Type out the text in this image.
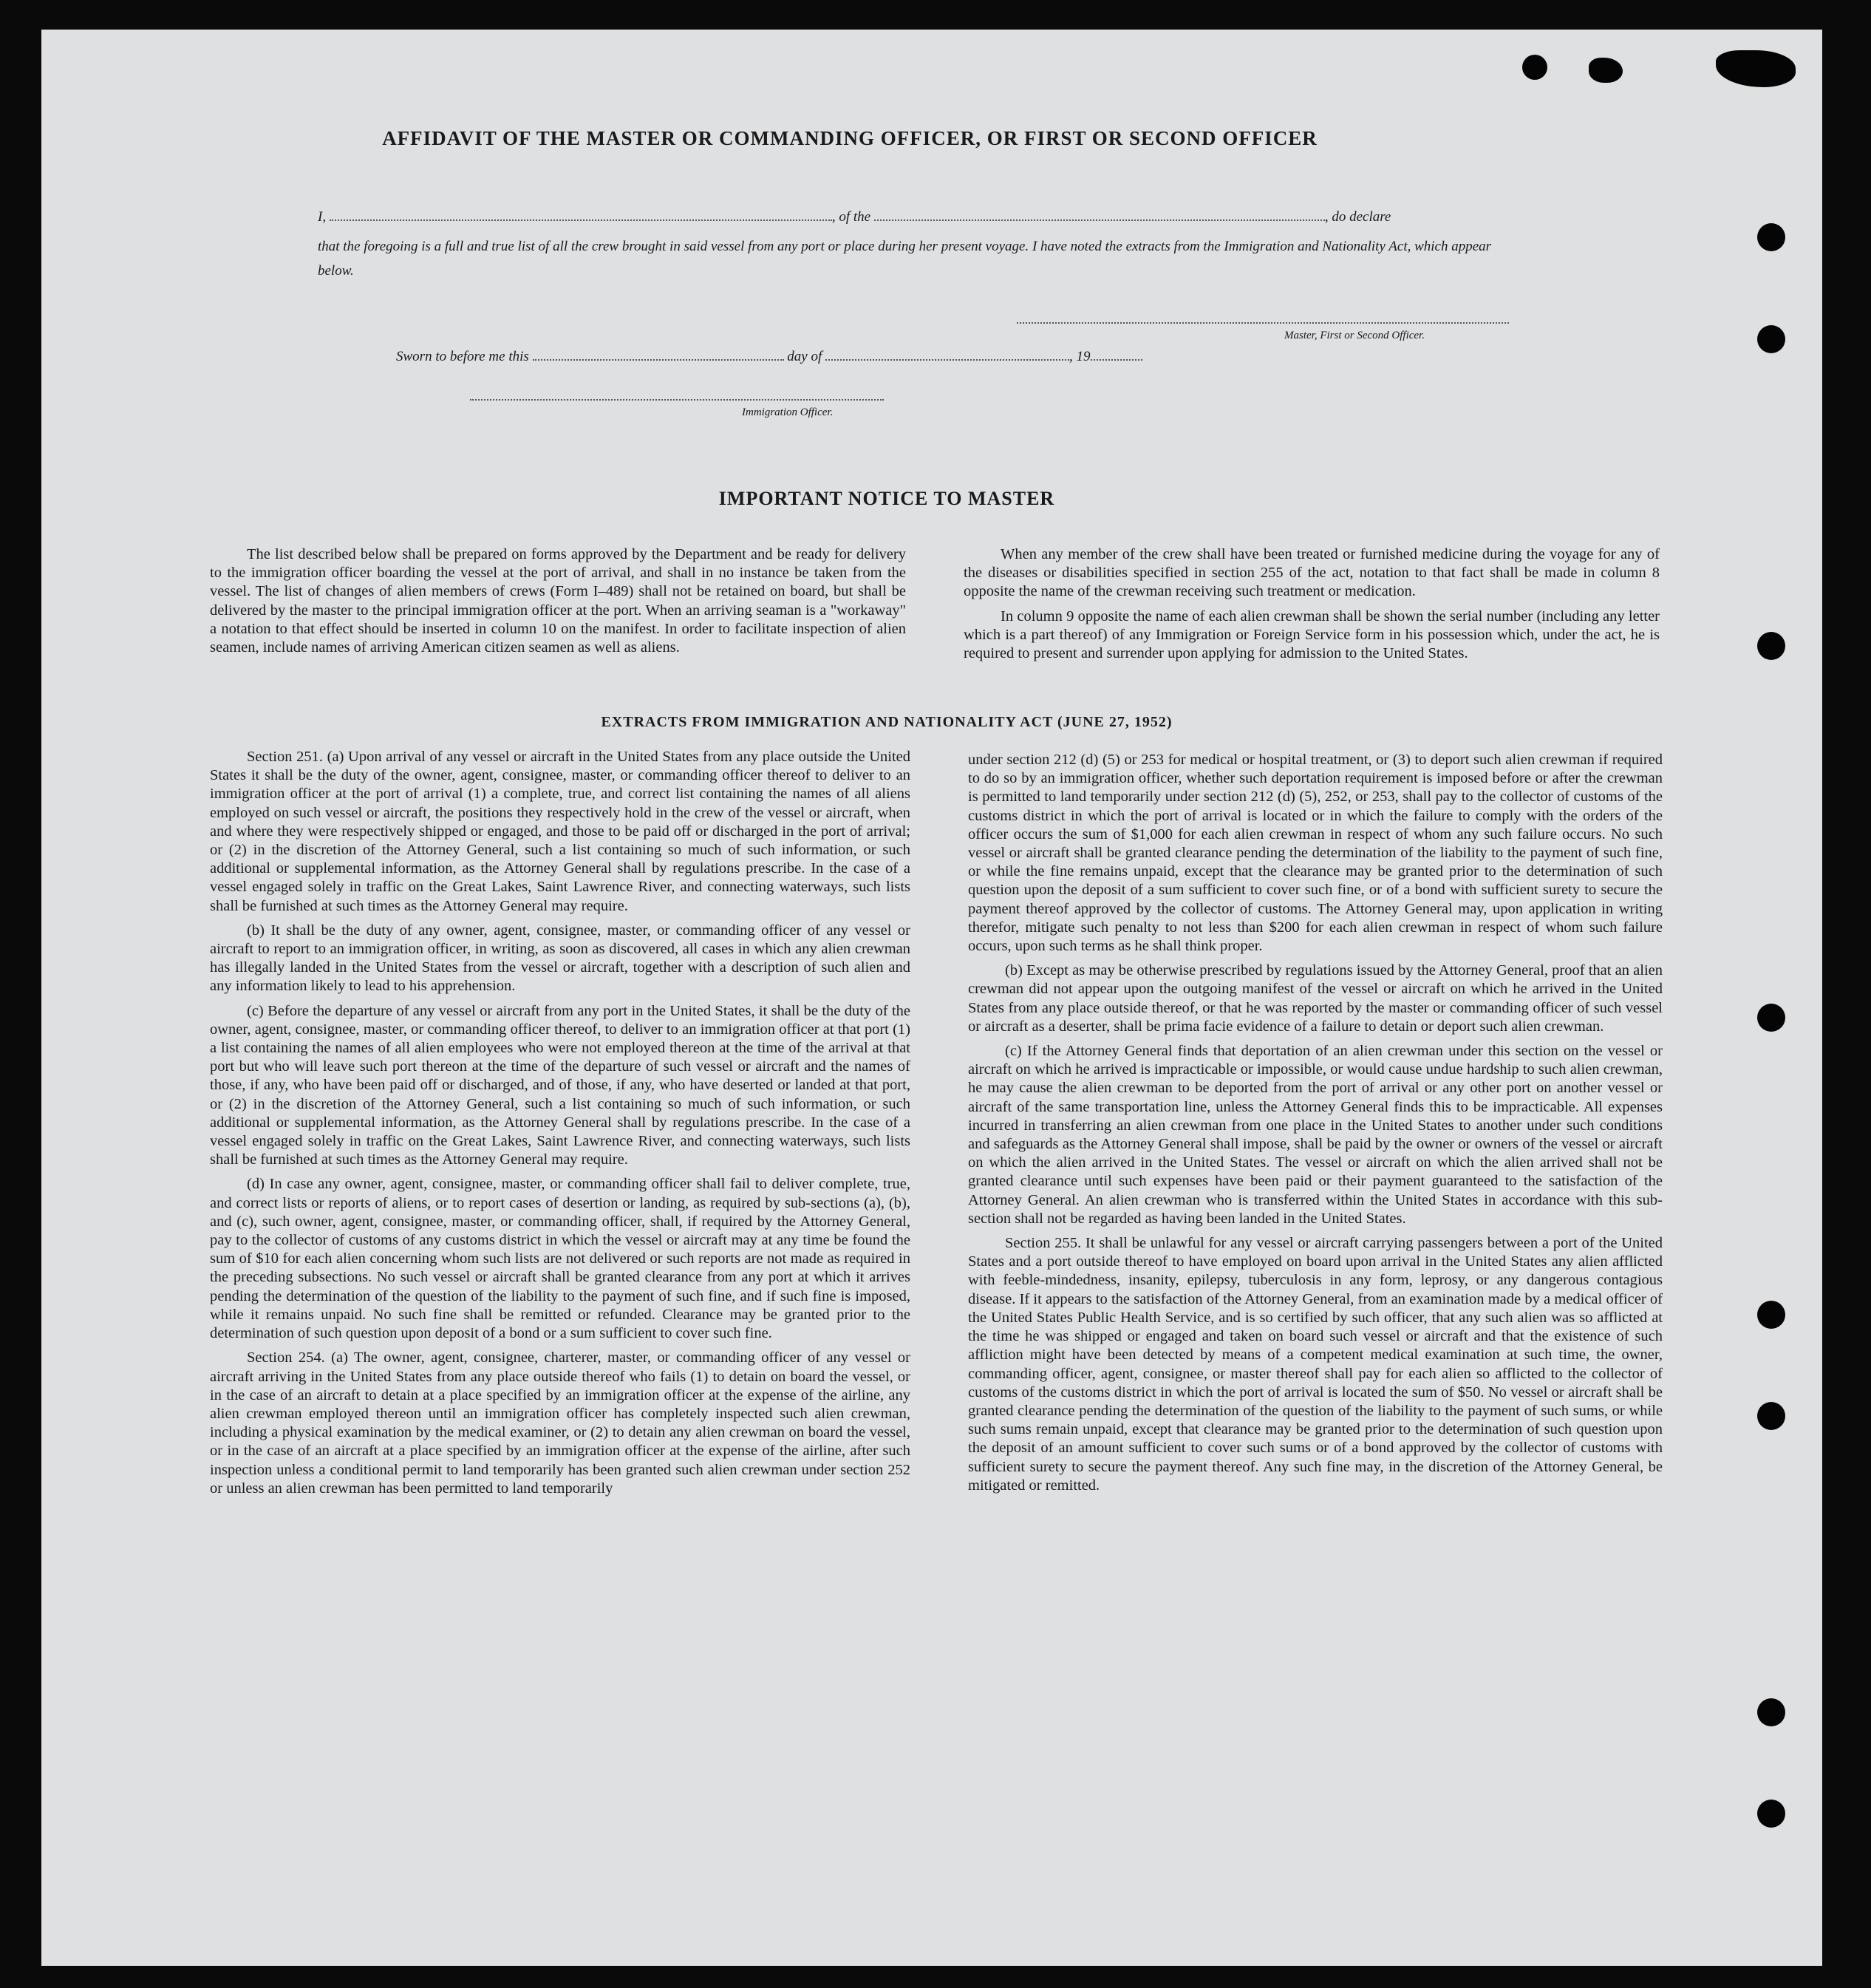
AFFIDAVIT OF THE MASTER OR COMMANDING OFFICER, OR FIRST OR SECOND OFFICER
I,	, of the	, do declare
that the foregoing is a full and true list of all the crew brought in said vessel from any port or place during her present voyage. I have noted the extracts from the Immigration and Nationality Act, which appear below.
Master, First or Second Officer.
Sworn to before me this	day of	, 19
Immigration Officer.
IMPORTANT NOTICE TO MASTER

The list described below shall be prepared on forms approved by the Department and be ready for delivery to the immigration officer boarding the vessel at the port of arrival, and shall in no instance be taken from the vessel. The list of changes of alien members of crews (Form I–489) shall not be retained on board, but shall be delivered by the master to the principal immigration officer at the port. When an arriving seaman is a "workaway" a notation to that effect should be inserted in column 10 on the manifest. In order to facilitate inspection of alien seamen, include names of arriving American citizen seamen as well as aliens.

When any member of the crew shall have been treated or furnished medicine during the voyage for any of the diseases or disabilities specified in section 255 of the act, notation to that fact shall be made in column 8 opposite the name of the crewman receiving such treatment or medication.

In column 9 opposite the name of each alien crewman shall be shown the serial number (including any letter which is a part thereof) of any Immigration or Foreign Service form in his possession which, under the act, he is required to present and surrender upon applying for admission to the United States.

EXTRACTS FROM IMMIGRATION AND NATIONALITY ACT (JUNE 27, 1952)

Section 251. (a) Upon arrival of any vessel or aircraft in the United States from any place outside the United States it shall be the duty of the owner, agent, consignee, master, or commanding officer thereof to deliver to an immigration officer at the port of arrival (1) a complete, true, and correct list containing the names of all aliens employed on such vessel or aircraft, the positions they respectively hold in the crew of the vessel or aircraft, when and where they were respectively shipped or engaged, and those to be paid off or discharged in the port of arrival; or (2) in the discretion of the Attorney General, such a list containing so much of such information, or such additional or supplemental information, as the Attorney General shall by regulations prescribe. In the case of a vessel engaged solely in traffic on the Great Lakes, Saint Lawrence River, and connecting waterways, such lists shall be furnished at such times as the Attorney General may require.

(b) It shall be the duty of any owner, agent, consignee, master, or commanding officer of any vessel or aircraft to report to an immigration officer, in writing, as soon as discovered, all cases in which any alien crewman has illegally landed in the United States from the vessel or aircraft, together with a description of such alien and any information likely to lead to his apprehension.

(c) Before the departure of any vessel or aircraft from any port in the United States, it shall be the duty of the owner, agent, consignee, master, or commanding officer thereof, to deliver to an immigration officer at that port (1) a list containing the names of all alien employees who were not employed thereon at the time of the arrival at that port but who will leave such port thereon at the time of the departure of such vessel or aircraft and the names of those, if any, who have been paid off or discharged, and of those, if any, who have deserted or landed at that port, or (2) in the discretion of the Attorney General, such a list containing so much of such information, or such additional or supplemental information, as the Attorney General shall by regulations prescribe. In the case of a vessel engaged solely in traffic on the Great Lakes, Saint Lawrence River, and connecting waterways, such lists shall be furnished at such times as the Attorney General may require.

(d) In case any owner, agent, consignee, master, or commanding officer shall fail to deliver complete, true, and correct lists or reports of aliens, or to report cases of desertion or landing, as required by sub-sections (a), (b), and (c), such owner, agent, consignee, master, or commanding officer, shall, if required by the Attorney General, pay to the collector of customs of any customs district in which the vessel or aircraft may at any time be found the sum of $10 for each alien concerning whom such lists are not delivered or such reports are not made as required in the preceding subsections. No such vessel or aircraft shall be granted clearance from any port at which it arrives pending the determination of the question of the liability to the payment of such fine, and if such fine is imposed, while it remains unpaid. No such fine shall be remitted or refunded. Clearance may be granted prior to the determination of such question upon deposit of a bond or a sum sufficient to cover such fine.

Section 254. (a) The owner, agent, consignee, charterer, master, or commanding officer of any vessel or aircraft arriving in the United States from any place outside thereof who fails (1) to detain on board the vessel, or in the case of an aircraft to detain at a place specified by an immigration officer at the expense of the airline, any alien crewman employed thereon until an immigration officer has completely inspected such alien crewman, including a physical examination by the medical examiner, or (2) to detain any alien crewman on board the vessel, or in the case of an aircraft at a place specified by an immigration officer at the expense of the airline, after such inspection unless a conditional permit to land temporarily has been granted such alien crewman under section 252 or unless an alien crewman has been permitted to land temporarily

under section 212 (d) (5) or 253 for medical or hospital treatment, or (3) to deport such alien crewman if required to do so by an immigration officer, whether such deportation requirement is imposed before or after the crewman is permitted to land temporarily under section 212 (d) (5), 252, or 253, shall pay to the collector of customs of the customs district in which the port of arrival is located or in which the failure to comply with the orders of the officer occurs the sum of $1,000 for each alien crewman in respect of whom any such failure occurs. No such vessel or aircraft shall be granted clearance pending the determination of the liability to the payment of such fine, or while the fine remains unpaid, except that the clearance may be granted prior to the determination of such question upon the deposit of a sum sufficient to cover such fine, or of a bond with sufficient surety to secure the payment thereof approved by the collector of customs. The Attorney General may, upon application in writing therefor, mitigate such penalty to not less than $200 for each alien crewman in respect of whom such failure occurs, upon such terms as he shall think proper.

(b) Except as may be otherwise prescribed by regulations issued by the Attorney General, proof that an alien crewman did not appear upon the outgoing manifest of the vessel or aircraft on which he arrived in the United States from any place outside thereof, or that he was reported by the master or commanding officer of such vessel or aircraft as a deserter, shall be prima facie evidence of a failure to detain or deport such alien crewman.

(c) If the Attorney General finds that deportation of an alien crewman under this section on the vessel or aircraft on which he arrived is impracticable or impossible, or would cause undue hardship to such alien crewman, he may cause the alien crewman to be deported from the port of arrival or any other port on another vessel or aircraft of the same transportation line, unless the Attorney General finds this to be impracticable. All expenses incurred in transferring an alien crewman from one place in the United States to another under such conditions and safeguards as the Attorney General shall impose, shall be paid by the owner or owners of the vessel or aircraft on which the alien arrived in the United States. The vessel or aircraft on which the alien arrived shall not be granted clearance until such expenses have been paid or their payment guaranteed to the satisfaction of the Attorney General. An alien crewman who is transferred within the United States in accordance with this sub-section shall not be regarded as having been landed in the United States.

Section 255. It shall be unlawful for any vessel or aircraft carrying passengers between a port of the United States and a port outside thereof to have employed on board upon arrival in the United States any alien afflicted with feeble-mindedness, insanity, epilepsy, tuberculosis in any form, leprosy, or any dangerous contagious disease. If it appears to the satisfaction of the Attorney General, from an examination made by a medical officer of the United States Public Health Service, and is so certified by such officer, that any such alien was so afflicted at the time he was shipped or engaged and taken on board such vessel or aircraft and that the existence of such affliction might have been detected by means of a competent medical examination at such time, the owner, commanding officer, agent, consignee, or master thereof shall pay for each alien so afflicted to the collector of customs of the customs district in which the port of arrival is located the sum of $50. No vessel or aircraft shall be granted clearance pending the determination of the question of the liability to the payment of such sums, or while such sums remain unpaid, except that clearance may be granted prior to the determination of such question upon the deposit of an amount sufficient to cover such sums or of a bond approved by the collector of customs with sufficient surety to secure the payment thereof. Any such fine may, in the discretion of the Attorney General, be mitigated or remitted.
